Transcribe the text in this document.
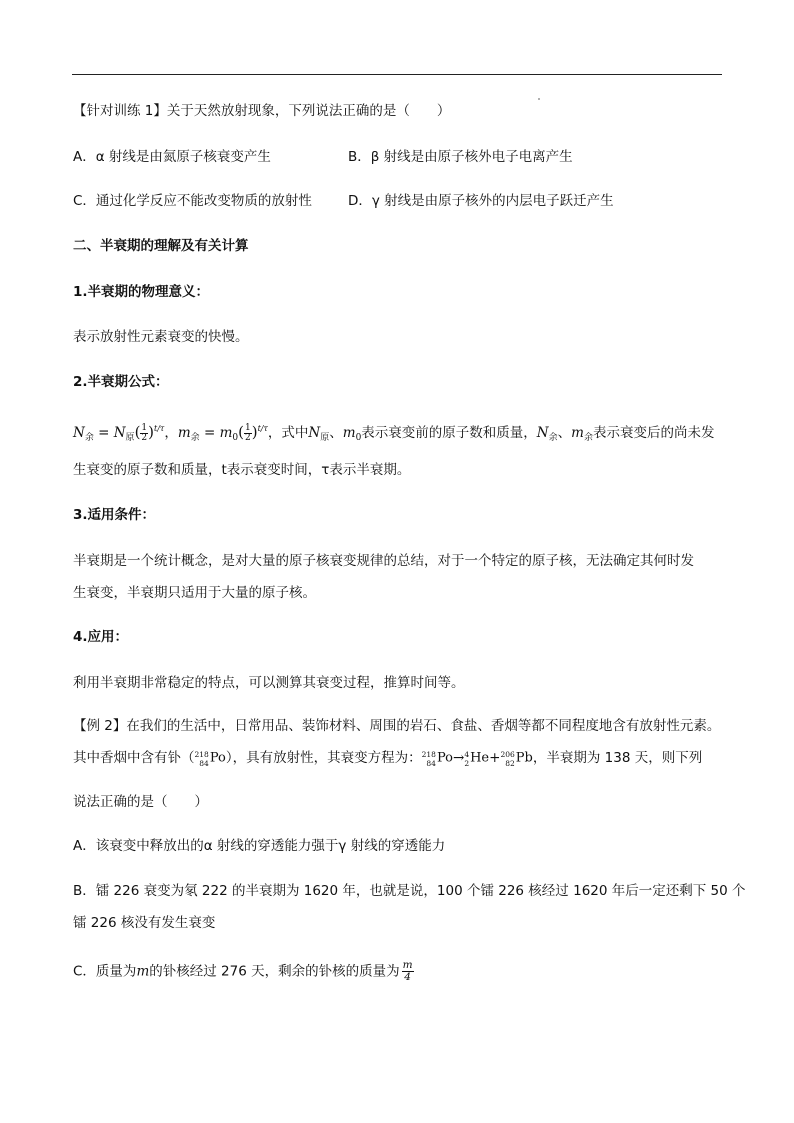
【针对训练 1】关于天然放射现象，下列说法正确的是（　　）
A．α 射线是由氮原子核衰变产生	B．β 射线是由原子核外电子电离产生
C．通过化学反应不能改变物质的放射性	D．γ 射线是由原子核外的内层电子跃迁产生
二、半衰期的理解及有关计算
1.半衰期的物理意义：
表示放射性元素衰变的快慢。
2.半衰期公式：
$N_余 = N_原( \frac{1}{2} )^{t/\tau}$，$m_余 = m_0( \frac{1}{2} )^{t/\tau}$，式中$N_原$、$m_0$表示衰变前的原子数和质量，$N_余$、$m_余$表示衰变后的尚未发
生衰变的原子数和质量，t表示衰变时间，τ表示半衰期。
3.适用条件：
半衰期是一个统计概念，是对大量的原子核衰变规律的总结，对于一个特定的原子核，无法确定其何时发
生衰变，半衰期只适用于大量的原子核。
4.应用：
利用半衰期非常稳定的特点，可以测算其衰变过程，推算时间等。
【例 2】在我们的生活中，日常用品、装饰材料、周围的岩石、食盐、香烟等都不同程度地含有放射性元素。
其中香烟中含有钋（ 218
84 Po），具有放射性，其衰变方程为： 218
84 Po→ 4
2 He+ 206
82 Pb，半衰期为 138 天，则下列
说法正确的是（　　）
A．该衰变中释放出的α 射线的穿透能力强于γ 射线的穿透能力
B．镭 226 衰变为氡 222 的半衰期为 1620 年，也就是说，100 个镭 226 核经过 1620 年后一定还剩下 50 个
镭 226 核没有发生衰变
C．质量为m的钋核经过 276 天，剩余的钋核的质量为 $\frac{m}{4}$
